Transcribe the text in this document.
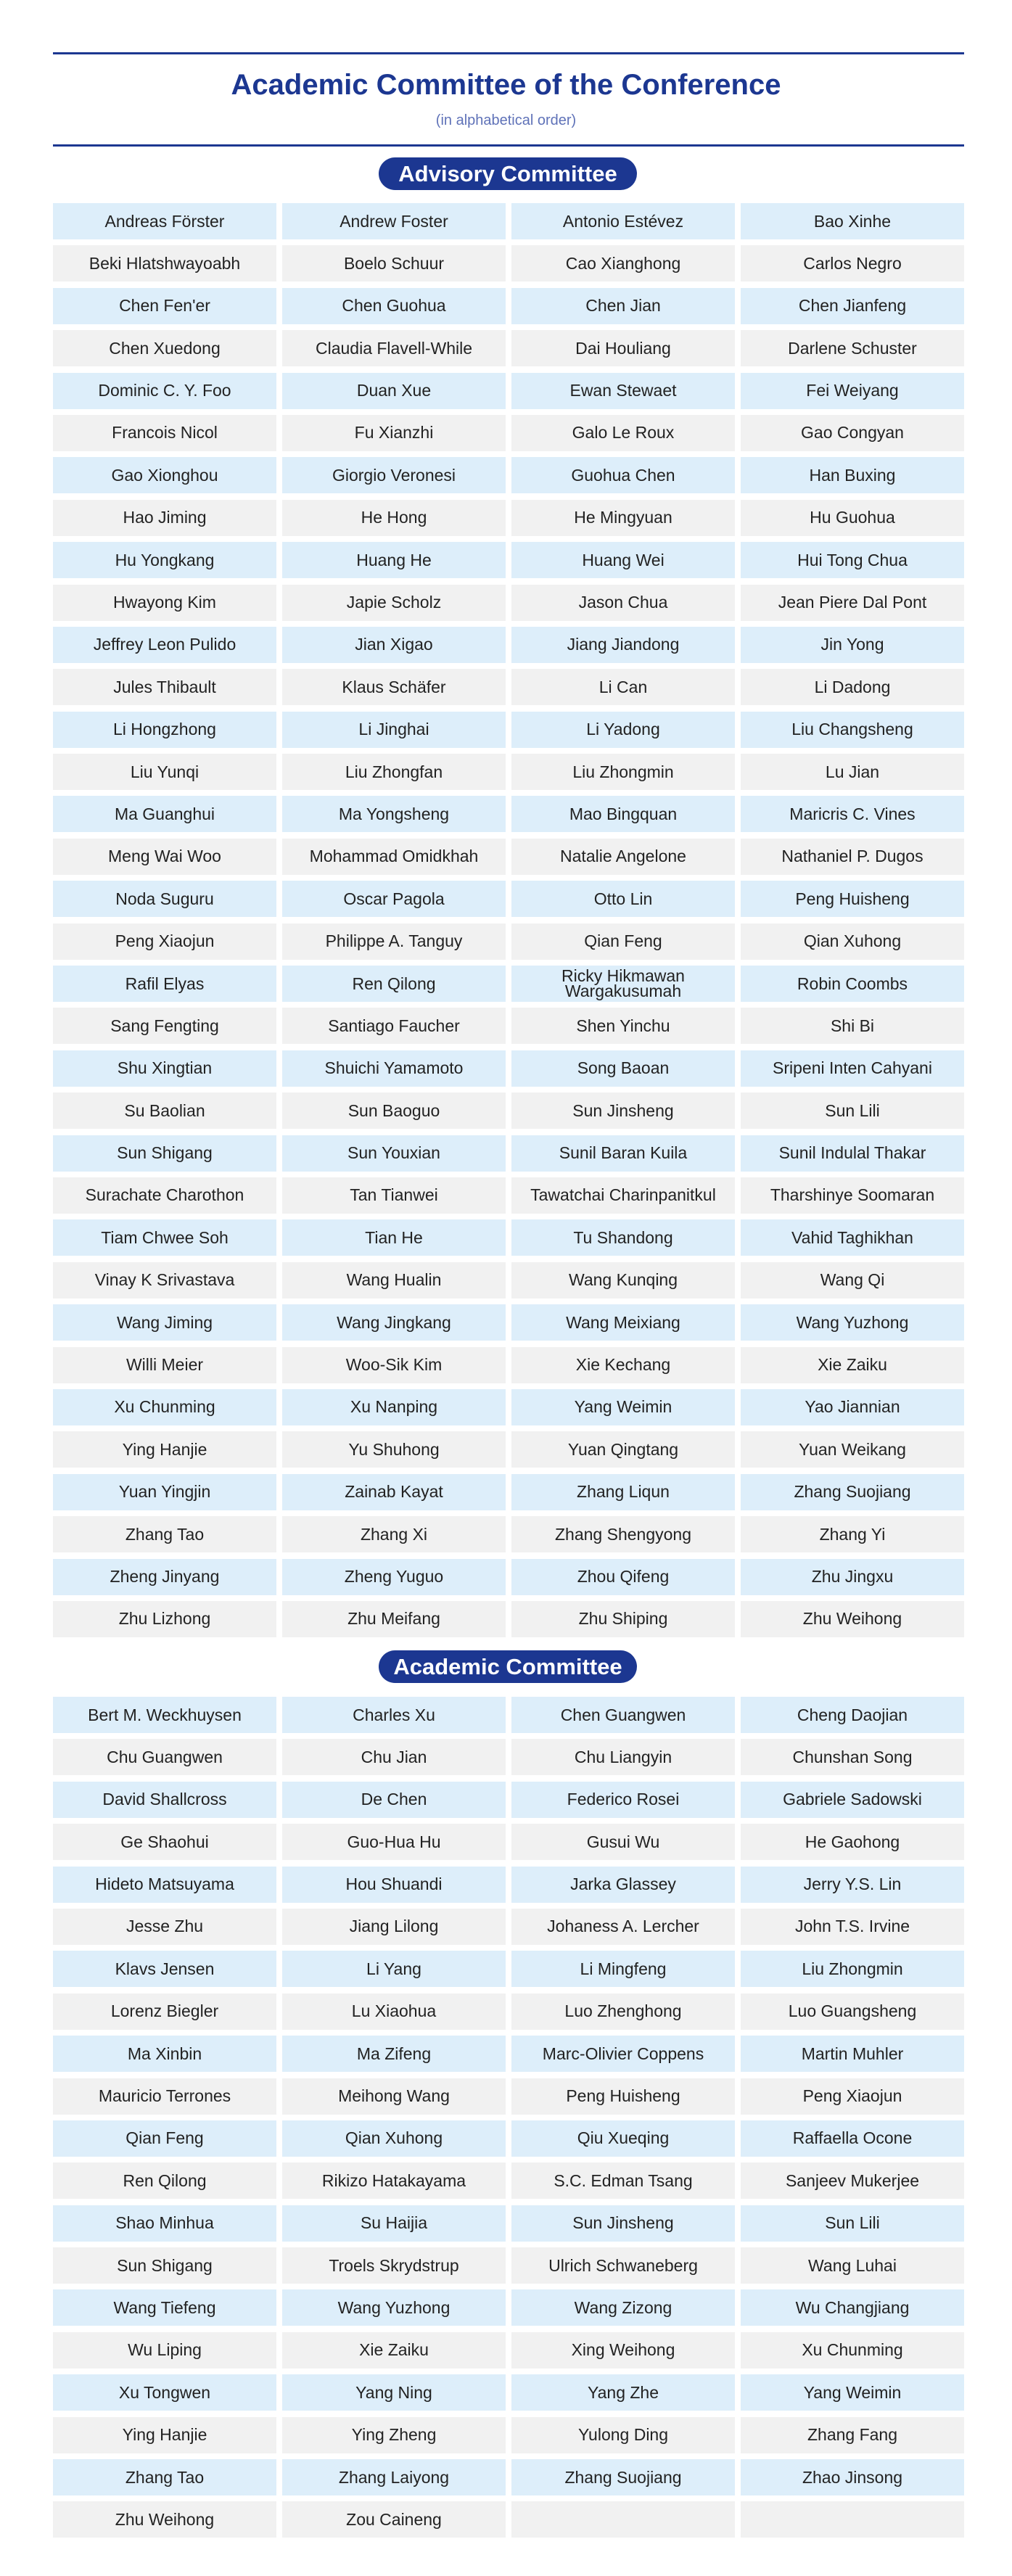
Academic Committee of the Conference
(in alphabetical order)
Advisory Committee
Andreas Förster	Andrew Foster	Antonio Estévez	Bao Xinhe
Beki Hlatshwayoabh	Boelo Schuur	Cao Xianghong	Carlos Negro
Chen Fen'er	Chen Guohua	Chen Jian	Chen Jianfeng
Chen Xuedong	Claudia Flavell-While	Dai Houliang	Darlene Schuster
Dominic C. Y. Foo	Duan Xue	Ewan Stewaet	Fei Weiyang
Francois Nicol	Fu Xianzhi	Galo Le Roux	Gao Congyan
Gao Xionghou	Giorgio Veronesi	Guohua Chen	Han Buxing
Hao Jiming	He Hong	He Mingyuan	Hu Guohua
Hu Yongkang	Huang He	Huang Wei	Hui Tong Chua
Hwayong Kim	Japie Scholz	Jason Chua	Jean Piere Dal Pont
Jeffrey Leon Pulido	Jian Xigao	Jiang Jiandong	Jin Yong
Jules Thibault	Klaus Schäfer	Li Can	Li Dadong
Li Hongzhong	Li Jinghai	Li Yadong	Liu Changsheng
Liu Yunqi	Liu Zhongfan	Liu Zhongmin	Lu Jian
Ma Guanghui	Ma Yongsheng	Mao Bingquan	Maricris C. Vines
Meng Wai Woo	Mohammad Omidkhah	Natalie Angelone	Nathaniel P. Dugos
Noda Suguru	Oscar Pagola	Otto Lin	Peng Huisheng
Peng Xiaojun	Philippe A. Tanguy	Qian Feng	Qian Xuhong
Rafil Elyas	Ren Qilong	Ricky Hikmawan Wargakusumah	Robin Coombs
Sang Fengting	Santiago Faucher	Shen Yinchu	Shi Bi
Shu Xingtian	Shuichi Yamamoto	Song Baoan	Sripeni Inten Cahyani
Su Baolian	Sun Baoguo	Sun Jinsheng	Sun Lili
Sun Shigang	Sun Youxian	Sunil Baran Kuila	Sunil Indulal Thakar
Surachate Charothon	Tan Tianwei	Tawatchai Charinpanitkul	Tharshinye Soomaran
Tiam Chwee Soh	Tian He	Tu Shandong	Vahid Taghikhan
Vinay K Srivastava	Wang Hualin	Wang Kunqing	Wang Qi
Wang Jiming	Wang Jingkang	Wang Meixiang	Wang Yuzhong
Willi Meier	Woo-Sik Kim	Xie Kechang	Xie Zaiku
Xu Chunming	Xu Nanping	Yang Weimin	Yao Jiannian
Ying Hanjie	Yu Shuhong	Yuan Qingtang	Yuan Weikang
Yuan Yingjin	Zainab Kayat	Zhang Liqun	Zhang Suojiang
Zhang Tao	Zhang Xi	Zhang Shengyong	Zhang Yi
Zheng Jinyang	Zheng Yuguo	Zhou Qifeng	Zhu Jingxu
Zhu Lizhong	Zhu Meifang	Zhu Shiping	Zhu Weihong
Academic Committee
Bert M. Weckhuysen	Charles Xu	Chen Guangwen	Cheng Daojian
Chu Guangwen	Chu Jian	Chu Liangyin	Chunshan Song
David Shallcross	De Chen	Federico Rosei	Gabriele Sadowski
Ge Shaohui	Guo-Hua Hu	Gusui Wu	He Gaohong
Hideto Matsuyama	Hou Shuandi	Jarka Glassey	Jerry Y.S. Lin
Jesse Zhu	Jiang Lilong	Johaness A. Lercher	John T.S. Irvine
Klavs Jensen	Li Yang	Li Mingfeng	Liu Zhongmin
Lorenz Biegler	Lu Xiaohua	Luo Zhenghong	Luo Guangsheng
Ma Xinbin	Ma Zifeng	Marc-Olivier Coppens	Martin Muhler
Mauricio Terrones	Meihong Wang	Peng Huisheng	Peng Xiaojun
Qian Feng	Qian Xuhong	Qiu Xueqing	Raffaella Ocone
Ren Qilong	Rikizo Hatakayama	S.C. Edman Tsang	Sanjeev Mukerjee
Shao Minhua	Su Haijia	Sun Jinsheng	Sun Lili
Sun Shigang	Troels Skrydstrup	Ulrich Schwaneberg	Wang Luhai
Wang Tiefeng	Wang Yuzhong	Wang Zizong	Wu Changjiang
Wu Liping	Xie Zaiku	Xing Weihong	Xu Chunming
Xu Tongwen	Yang Ning	Yang Zhe	Yang Weimin
Ying Hanjie	Ying Zheng	Yulong Ding	Zhang Fang
Zhang Tao	Zhang Laiyong	Zhang Suojiang	Zhao Jinsong
Zhu Weihong	Zou Caineng
